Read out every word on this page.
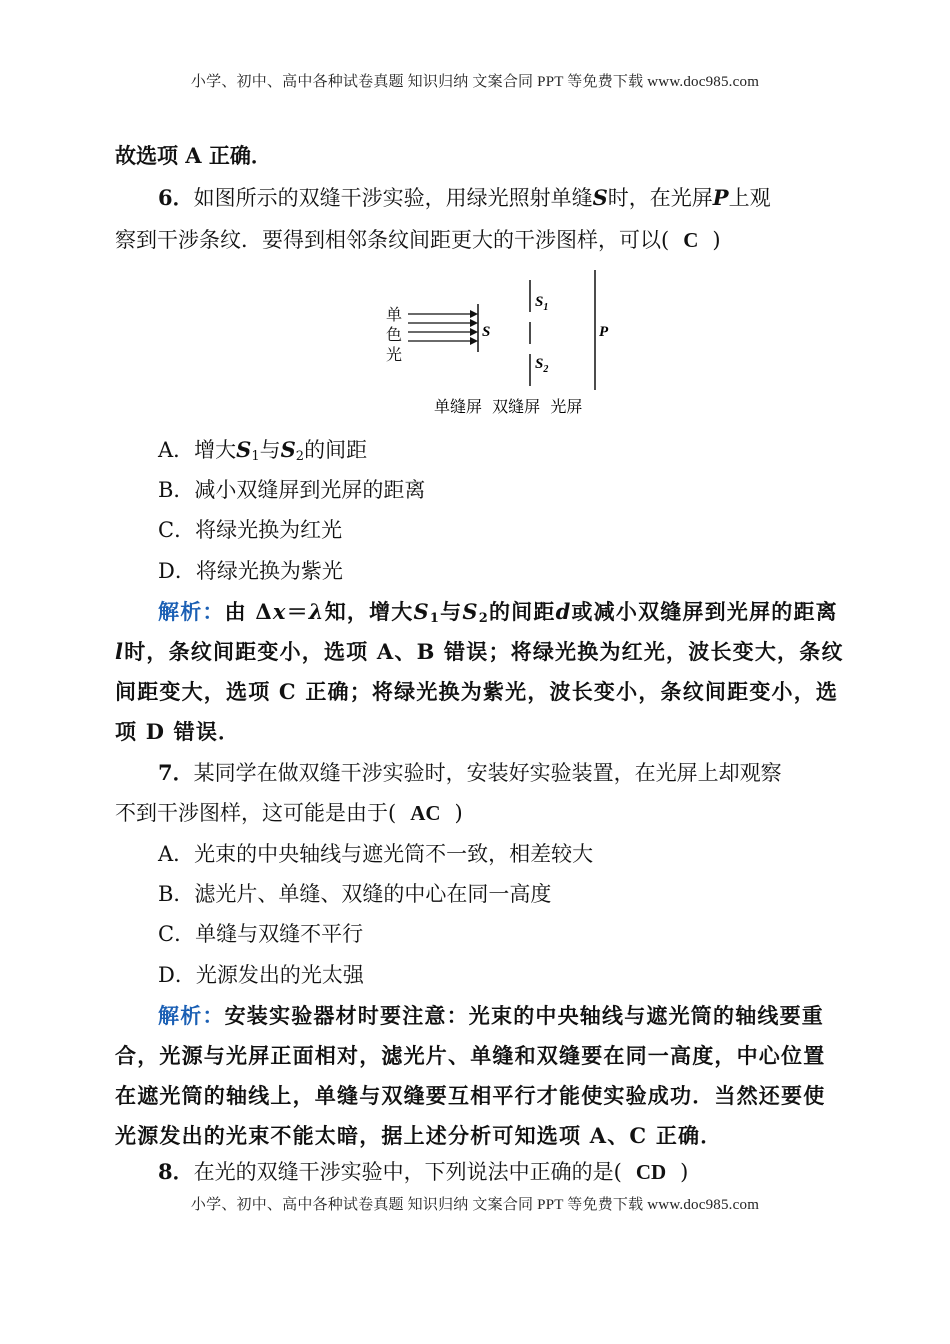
小学、初中、高中各种试卷真题 知识归纳 文案合同 PPT 等免费下载 www.doc985.com
故选项 A 正确．
6．如图所示的双缝干涉实验，用绿光照射单缝S时，在光屏P上观
察到干涉条纹．要得到相邻条纹间距更大的干涉图样，可以( C )
单
色
光
S
$S_1$
$S_2$
P
单缝屏  双缝屏  光屏
A．增大$S_1$与$S_2$的间距
B．减小双缝屏到光屏的距离
C．将绿光换为红光
D．将绿光换为紫光
解析：由 Δx＝λ知，增大$S_1$与$S_2$的间距d或减小双缝屏到光屏的距离
l时，条纹间距变小，选项 A、B 错误；将绿光换为红光，波长变大，条纹
间距变大，选项 C 正确；将绿光换为紫光，波长变小，条纹间距变小，选
项 D 错误．
7．某同学在做双缝干涉实验时，安装好实验装置，在光屏上却观察
不到干涉图样，这可能是由于( AC )
A．光束的中央轴线与遮光筒不一致，相差较大
B．滤光片、单缝、双缝的中心在同一高度
C．单缝与双缝不平行
D．光源发出的光太强
解析：安装实验器材时要注意：光束的中央轴线与遮光筒的轴线要重
合，光源与光屏正面相对，滤光片、单缝和双缝要在同一高度，中心位置
在遮光筒的轴线上，单缝与双缝要互相平行才能使实验成功．当然还要使
光源发出的光束不能太暗，据上述分析可知选项 A、C 正确．
8．在光的双缝干涉实验中，下列说法中正确的是( CD )
小学、初中、高中各种试卷真题 知识归纳 文案合同 PPT 等免费下载 www.doc985.com
